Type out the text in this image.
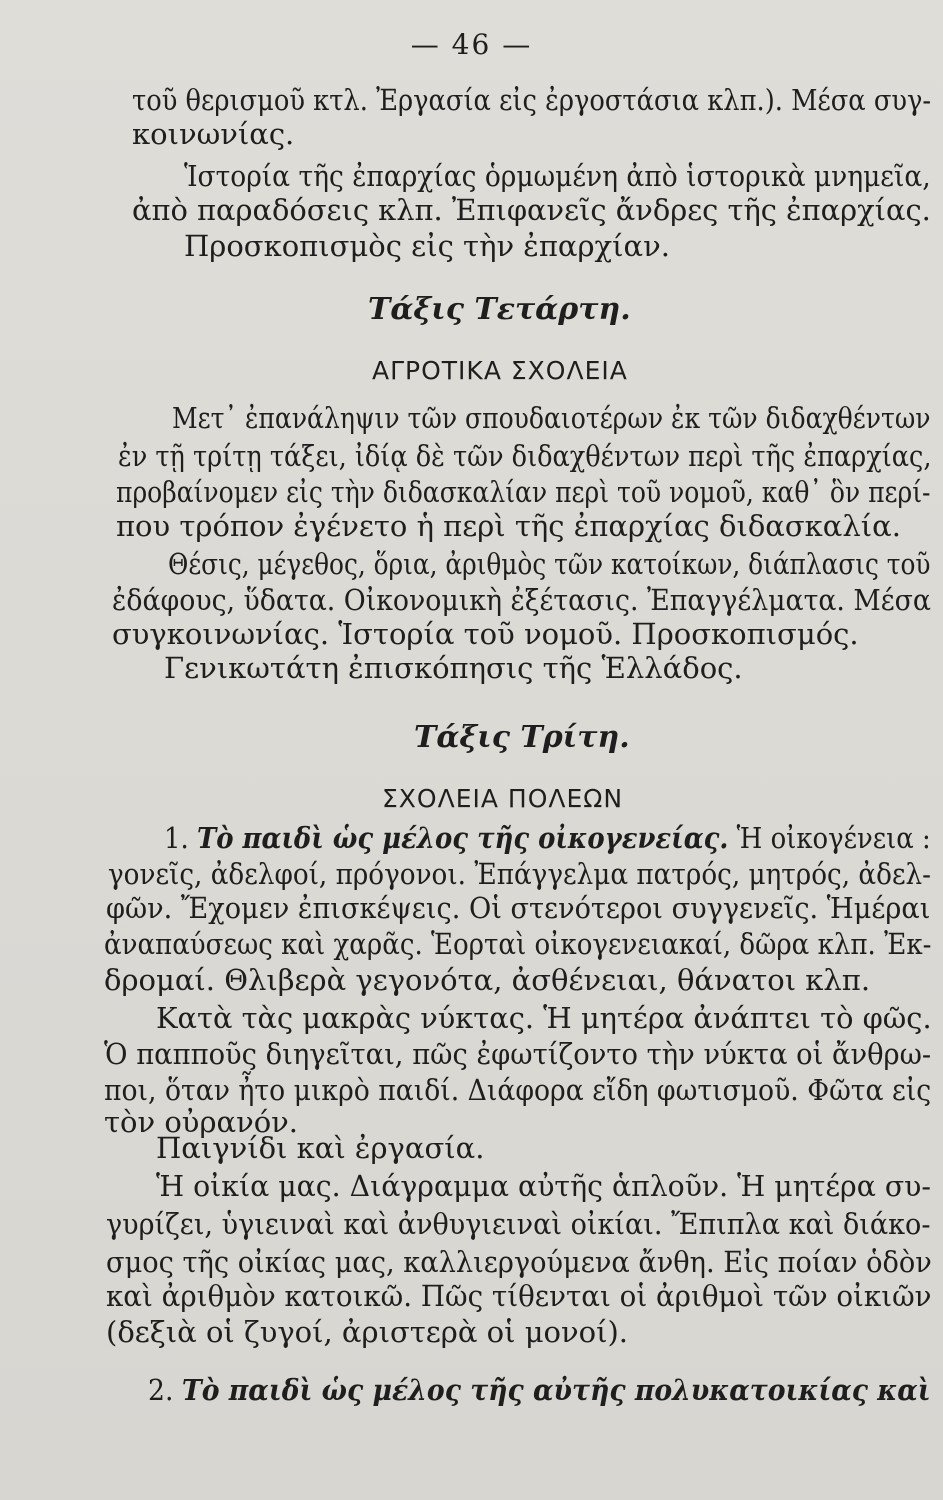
— 46 —
τοῦ θερισμοῦ κτλ. Ἐργασία εἰς ἐργοστάσια κλπ.). Μέσα συγ-
κοινωνίας.
Ἱστορία τῆς ἐπαρχίας ὁρμωμένη ἀπὸ ἱστορικὰ μνημεῖα,
ἀπὸ παραδόσεις κλπ. Ἐπιφανεῖς ἄνδρες τῆς ἐπαρχίας.
Προσκοπισμὸς εἰς τὴν ἐπαρχίαν.
Τάξις Τετάρτη.
ΑΓΡΟΤΙΚΑ ΣΧΟΛΕΙΑ
Μετ᾽ ἐπανάληψιν τῶν σπουδαιοτέρων ἐκ τῶν διδαχθέντων
ἐν τῇ τρίτῃ τάξει, ἰδίᾳ δὲ τῶν διδαχθέντων περὶ τῆς ἐπαρχίας,
προβαίνομεν εἰς τὴν διδασκαλίαν περὶ τοῦ νομοῦ, καθ᾽ ὃν περί-
που τρόπον ἐγένετο ἡ περὶ τῆς ἐπαρχίας διδασκαλία.
Θέσις, μέγεθος, ὅρια, ἀριθμὸς τῶν κατοίκων, διάπλασις τοῦ
ἐδάφους, ὕδατα. Οἰκονομικὴ ἐξέτασις. Ἐπαγγέλματα. Μέσα
συγκοινωνίας. Ἱστορία τοῦ νομοῦ. Προσκοπισμός.
Γενικωτάτη ἐπισκόπησις τῆς Ἑλλάδος.
Τάξις Τρίτη.
ΣΧΟΛΕΙΑ ΠΟΛΕΩΝ
1. Τὸ παιδὶ ὡς μέλος τῆς οἰκογενείας. Ἡ οἰκογένεια :
γονεῖς, ἀδελφοί, πρόγονοι. Ἐπάγγελμα πατρός, μητρός, ἀδελ-
φῶν. Ἔχομεν ἐπισκέψεις. Οἱ στενότεροι συγγενεῖς. Ἡμέραι
ἀναπαύσεως καὶ χαρᾶς. Ἑορταὶ οἰκογενειακαί, δῶρα κλπ. Ἐκ-
δρομαί. Θλιβερὰ γεγονότα, ἀσθένειαι, θάνατοι κλπ.
Κατὰ τὰς μακρὰς νύκτας. Ἡ μητέρα ἀνάπτει τὸ φῶς.
Ὁ παπποῦς διηγεῖται, πῶς ἐφωτίζοντο τὴν νύκτα οἱ ἄνθρω-
ποι, ὅταν ἦτο μικρὸ παιδί. Διάφορα εἴδη φωτισμοῦ. Φῶτα εἰς
τὸν οὐρανόν.
Παιγνίδι καὶ ἐργασία.
Ἡ οἰκία μας. Διάγραμμα αὐτῆς ἁπλοῦν. Ἡ μητέρα συ-
γυρίζει, ὑγιειναὶ καὶ ἀνθυγιειναὶ οἰκίαι. Ἔπιπλα καὶ διάκο-
σμος τῆς οἰκίας μας, καλλιεργούμενα ἄνθη. Εἰς ποίαν ὁδὸν
καὶ ἀριθμὸν κατοικῶ. Πῶς τίθενται οἱ ἀριθμοὶ τῶν οἰκιῶν
(δεξιὰ οἱ ζυγοί, ἀριστερὰ οἱ μονοί).
2. Τὸ παιδὶ ὡς μέλος τῆς αὐτῆς πολυκατοικίας καὶ
